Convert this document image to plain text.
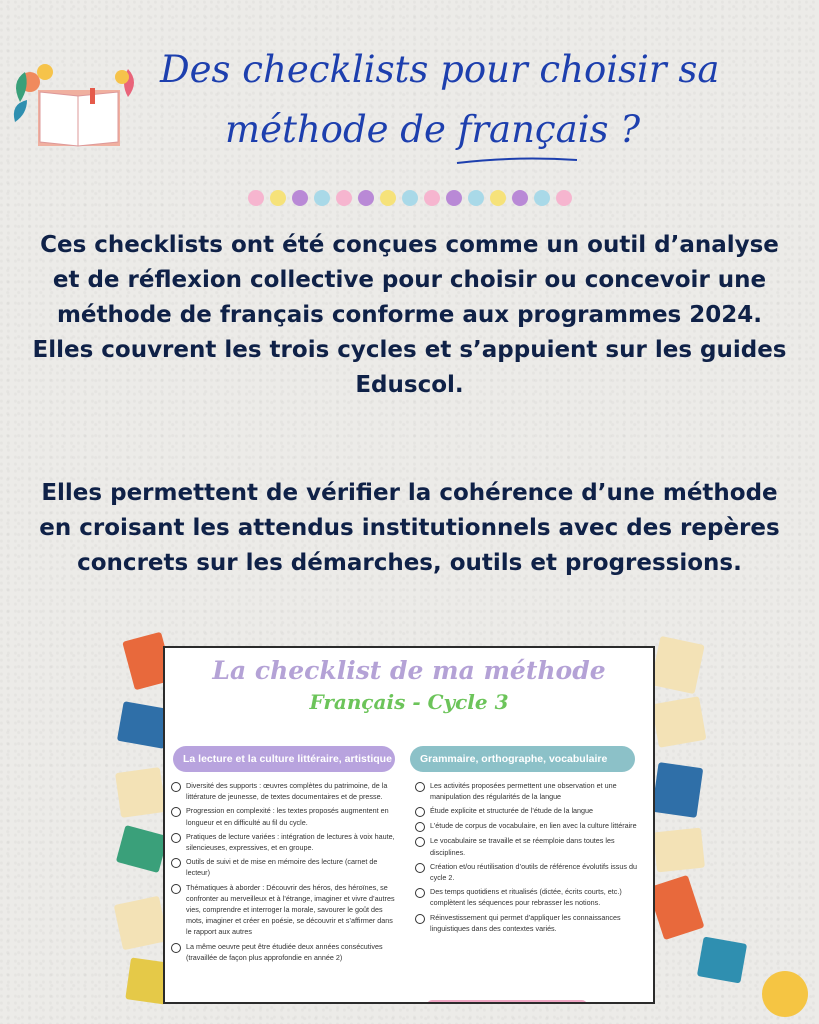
Des checklists pour choisir sa
méthode de français ?
Ces checklists ont été conçues comme un outil d’analyse et de réflexion collective pour choisir ou concevoir une méthode de français conforme aux programmes 2024. Elles couvrent les trois cycles et s’appuient sur les guides Eduscol.
Elles permettent de vérifier la cohérence d’une méthode en croisant les attendus institutionnels avec des repères concrets sur les démarches, outils et progressions.
La checklist de ma méthode
Français - Cycle 3
La lecture et la culture littéraire, artistique	Grammaire, orthographe, vocabulaire
Diversité des supports : œuvres complètes du patrimoine, de la littérature de jeunesse, de textes documentaires et de presse.
Progression en complexité : les textes proposés augmentent en longueur et en difficulté au fil du cycle.
Pratiques de lecture variées : intégration de lectures à voix haute, silencieuses, expressives, et en groupe.
Outils de suivi et de mise en mémoire des lecture (carnet de lecteur)
Thématiques à aborder : Découvrir des héros, des héroïnes, se confronter au merveilleux et à l’étrange, imaginer et vivre d’autres vies, comprendre et interroger la morale, savourer le goût des mots, imaginer et créer en poésie, se découvrir et s’affirmer dans le rapport aux autres
La même oeuvre peut être étudiée deux années consécutives (travaillée de façon plus approfondie en année 2)
Les activités proposées permettent une observation et une manipulation des régularités de la langue
Étude explicite et structurée de l’étude de la langue
L’étude de corpus de vocabulaire, en lien avec la culture littéraire
Le vocabulaire se travaille et se réemploie dans toutes les disciplines.
Création et/ou réutilisation d’outils de référence évolutifs issus du cycle 2.
Des temps quotidiens et ritualisés (dictée, écrits courts, etc.) complètent les séquences pour rebrasser les notions.
Réinvestissement qui permet d’appliquer les connaissances linguistiques dans des contextes variés.
